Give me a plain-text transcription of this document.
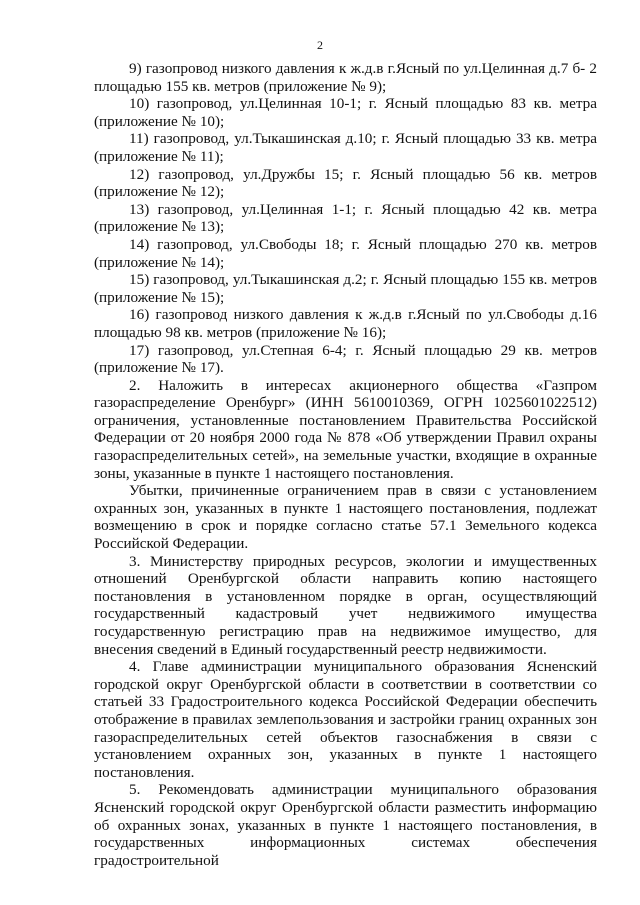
2

9) газопровод низкого давления к ж.д.в г.Ясный по ул.Целинная д.7 б- 2 площадью 155 кв. метров (приложение № 9);

10) газопровод, ул.Целинная 10-1; г. Ясный площадью 83 кв. метра (приложение № 10);

11) газопровод, ул.Тыкашинская д.10; г. Ясный площадью 33 кв. метра (приложение № 11);

12) газопровод, ул.Дружбы 15; г. Ясный площадью 56 кв. метров (приложение № 12);

13) газопровод, ул.Целинная 1-1; г. Ясный площадью 42 кв. метра (приложение № 13);

14) газопровод, ул.Свободы 18; г. Ясный площадью 270 кв. метров (приложение № 14);

15) газопровод, ул.Тыкашинская д.2; г. Ясный площадью 155 кв. метров (приложение № 15);

16) газопровод низкого давления к ж.д.в г.Ясный по ул.Свободы д.16 площадью 98 кв. метров (приложение № 16);

17) газопровод, ул.Степная 6-4; г. Ясный площадью 29 кв. метров (приложение № 17).

2. Наложить в интересах акционерного общества «Газпром газораспределение Оренбург» (ИНН 5610010369, ОГРН 1025601022512) ограничения, установленные постановлением Правительства Российской Федерации от 20 ноября 2000 года № 878 «Об утверждении Правил охраны газораспределительных сетей», на земельные участки, входящие в охранные зоны, указанные в пункте 1 настоящего постановления.

Убытки, причиненные ограничением прав в связи с установлением охранных зон, указанных в пункте 1 настоящего постановления, подлежат возмещению в срок и порядке согласно статье 57.1 Земельного кодекса Российской Федерации.

3. Министерству природных ресурсов, экологии и имущественных отношений Оренбургской области направить копию настоящего постановления в установленном порядке в орган, осуществляющий государственный кадастровый учет недвижимого имущества государственную регистрацию прав на недвижимое имущество, для внесения сведений в Единый государственный реестр недвижимости.

4. Главе администрации муниципального образования Ясненский городской округ Оренбургской области в соответствии в соответствии со статьей 33 Градостроительного кодекса Российской Федерации обеспечить отображение в правилах землепользования и застройки границ охранных зон газораспределительных сетей объектов газоснабжения в связи с установлением охранных зон, указанных в пункте 1 настоящего постановления.

5. Рекомендовать администрации муниципального образования Ясненский городской округ Оренбургской области разместить информацию об охранных зонах, указанных в пункте 1 настоящего постановления, в государственных информационных системах обеспечения градостроительной
